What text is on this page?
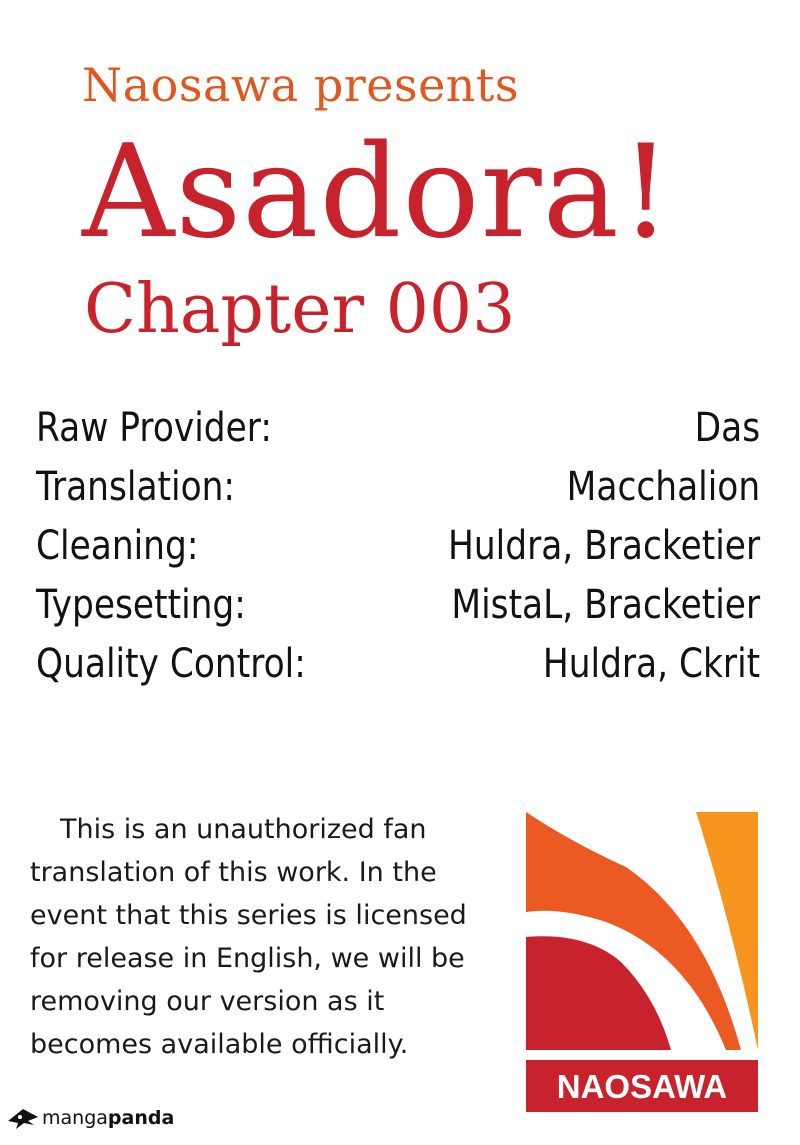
Naosawa presents
Asadora!
Chapter 003
Raw Provider:	Das
Translation:	Macchalion
Cleaning:	Huldra, Bracketier
Typesetting:	MistaL, Bracketier
Quality Control:	Huldra, Ckrit
This is an unauthorized fan translation of this work. In the event that this series is licensed for release in English, we will be removing our version as it becomes available officially.
NAOSAWA
manga panda
